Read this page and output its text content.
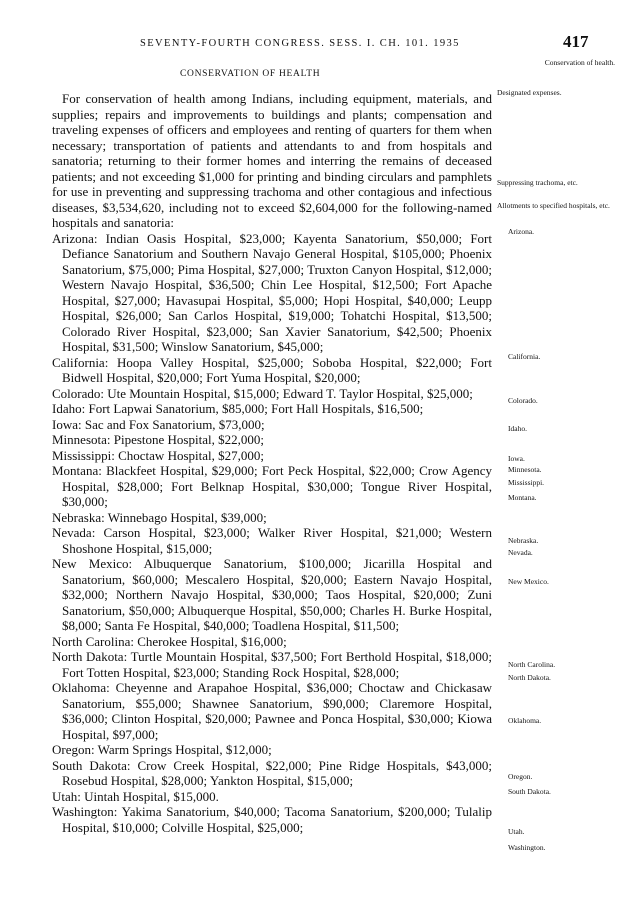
SEVENTY-FOURTH CONGRESS. SESS. I. CH. 101. 1935	417
CONSERVATION OF HEALTH

For conservation of health among Indians, including equipment, materials, and supplies; repairs and improvements to buildings and plants; compensation and traveling expenses of officers and employees and renting of quarters for them when necessary; transportation of patients and attendants to and from hospitals and sanatoria; returning to their former homes and interring the remains of deceased patients; and not exceeding $1,000 for printing and binding circulars and pamphlets for use in preventing and suppressing trachoma and other contagious and infectious diseases, $3,534,620, including not to exceed $2,604,000 for the following-named hospitals and sanatoria:

Arizona: Indian Oasis Hospital, $23,000; Kayenta Sanatorium, $50,000; Fort Defiance Sanatorium and Southern Navajo General Hospital, $105,000; Phoenix Sanatorium, $75,000; Pima Hospital, $27,000; Truxton Canyon Hospital, $12,000; Western Navajo Hospital, $36,500; Chin Lee Hospital, $12,500; Fort Apache Hospital, $27,000; Havasupai Hospital, $5,000; Hopi Hospital, $40,000; Leupp Hospital, $26,000; San Carlos Hospital, $19,000; Tohatchi Hospital, $13,500; Colorado River Hospital, $23,000; San Xavier Sanatorium, $42,500; Phoenix Hospital, $31,500; Winslow Sanatorium, $45,000;

California: Hoopa Valley Hospital, $25,000; Soboba Hospital, $22,000; Fort Bidwell Hospital, $20,000; Fort Yuma Hospital, $20,000;

Colorado: Ute Mountain Hospital, $15,000; Edward T. Taylor Hospital, $25,000;

Idaho: Fort Lapwai Sanatorium, $85,000; Fort Hall Hospitals, $16,500;

Iowa: Sac and Fox Sanatorium, $73,000;

Minnesota: Pipestone Hospital, $22,000;

Mississippi: Choctaw Hospital, $27,000;

Montana: Blackfeet Hospital, $29,000; Fort Peck Hospital, $22,000; Crow Agency Hospital, $28,000; Fort Belknap Hospital, $30,000; Tongue River Hospital, $30,000;

Nebraska: Winnebago Hospital, $39,000;

Nevada: Carson Hospital, $23,000; Walker River Hospital, $21,000; Western Shoshone Hospital, $15,000;

New Mexico: Albuquerque Sanatorium, $100,000; Jicarilla Hospital and Sanatorium, $60,000; Mescalero Hospital, $20,000; Eastern Navajo Hospital, $32,000; Northern Navajo Hospital, $30,000; Taos Hospital, $20,000; Zuni Sanatorium, $50,000; Albuquerque Hospital, $50,000; Charles H. Burke Hospital, $8,000; Santa Fe Hospital, $40,000; Toadlena Hospital, $11,500;

North Carolina: Cherokee Hospital, $16,000;

North Dakota: Turtle Mountain Hospital, $37,500; Fort Berthold Hospital, $18,000; Fort Totten Hospital, $23,000; Standing Rock Hospital, $28,000;

Oklahoma: Cheyenne and Arapahoe Hospital, $36,000; Choctaw and Chickasaw Sanatorium, $55,000; Shawnee Sanatorium, $90,000; Claremore Hospital, $36,000; Clinton Hospital, $20,000; Pawnee and Ponca Hospital, $30,000; Kiowa Hospital, $97,000;

Oregon: Warm Springs Hospital, $12,000;

South Dakota: Crow Creek Hospital, $22,000; Pine Ridge Hospitals, $43,000; Rosebud Hospital, $28,000; Yankton Hospital, $15,000;

Utah: Uintah Hospital, $15,000.

Washington: Yakima Sanatorium, $40,000; Tacoma Sanatorium, $200,000; Tulalip Hospital, $10,000; Colville Hospital, $25,000;

Conservation of health.
Designated expenses.
Suppressing trachoma, etc.
Allotments to specified hospitals, etc.
Arizona.
California.
Colorado.
Idaho.
Iowa.
Minnesota.
Mississippi.
Montana.
Nebraska.
Nevada.
New Mexico.
North Carolina.
North Dakota.
Oklahoma.
Oregon.
South Dakota.
Utah.
Washington.
